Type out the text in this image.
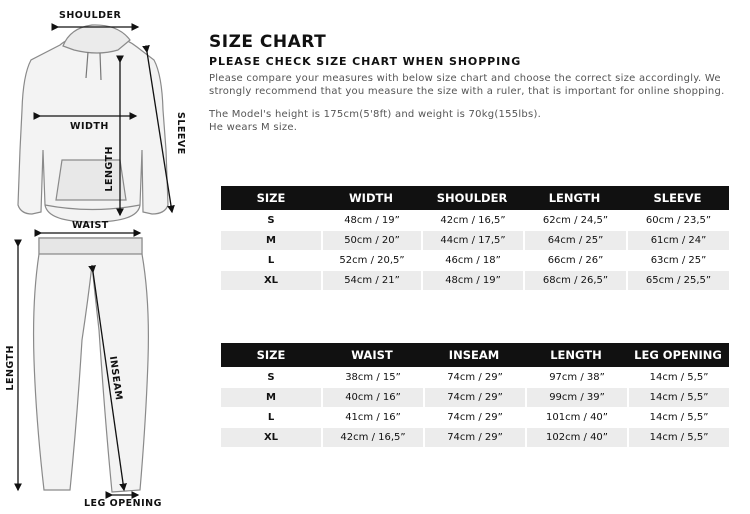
SHOULDER
WIDTH
LENGTH
SLEEVE
WAIST
LENGTH	INSEAM
LEG OPENING
SIZE CHART
PLEASE CHECK SIZE CHART WHEN SHOPPING
Please compare your measures with below size chart and choose the correct size accordingly. We
strongly recommend that you measure the size with a ruler, that is important for online shopping.
The Model's height is 175cm(5'8ft) and weight is 70kg(155lbs).
He wears M size.
SIZE	WIDTH	SHOULDER	LENGTH	SLEEVE
S	48cm / 19”	42cm / 16,5”	62cm / 24,5”	60cm / 23,5”
M	50cm / 20”	44cm / 17,5”	64cm / 25”	61cm / 24”
L	52cm / 20,5”	46cm / 18”	66cm / 26”	63cm / 25”
XL	54cm / 21”	48cm / 19”	68cm / 26,5”	65cm / 25,5”
SIZE	WAIST	INSEAM	LENGTH	LEG OPENING
S	38cm / 15”	74cm / 29”	97cm / 38”	14cm / 5,5”
M	40cm / 16”	74cm / 29”	99cm / 39”	14cm / 5,5”
L	41cm / 16”	74cm / 29”	101cm / 40”	14cm / 5,5”
XL	42cm / 16,5”	74cm / 29”	102cm / 40”	14cm / 5,5”
